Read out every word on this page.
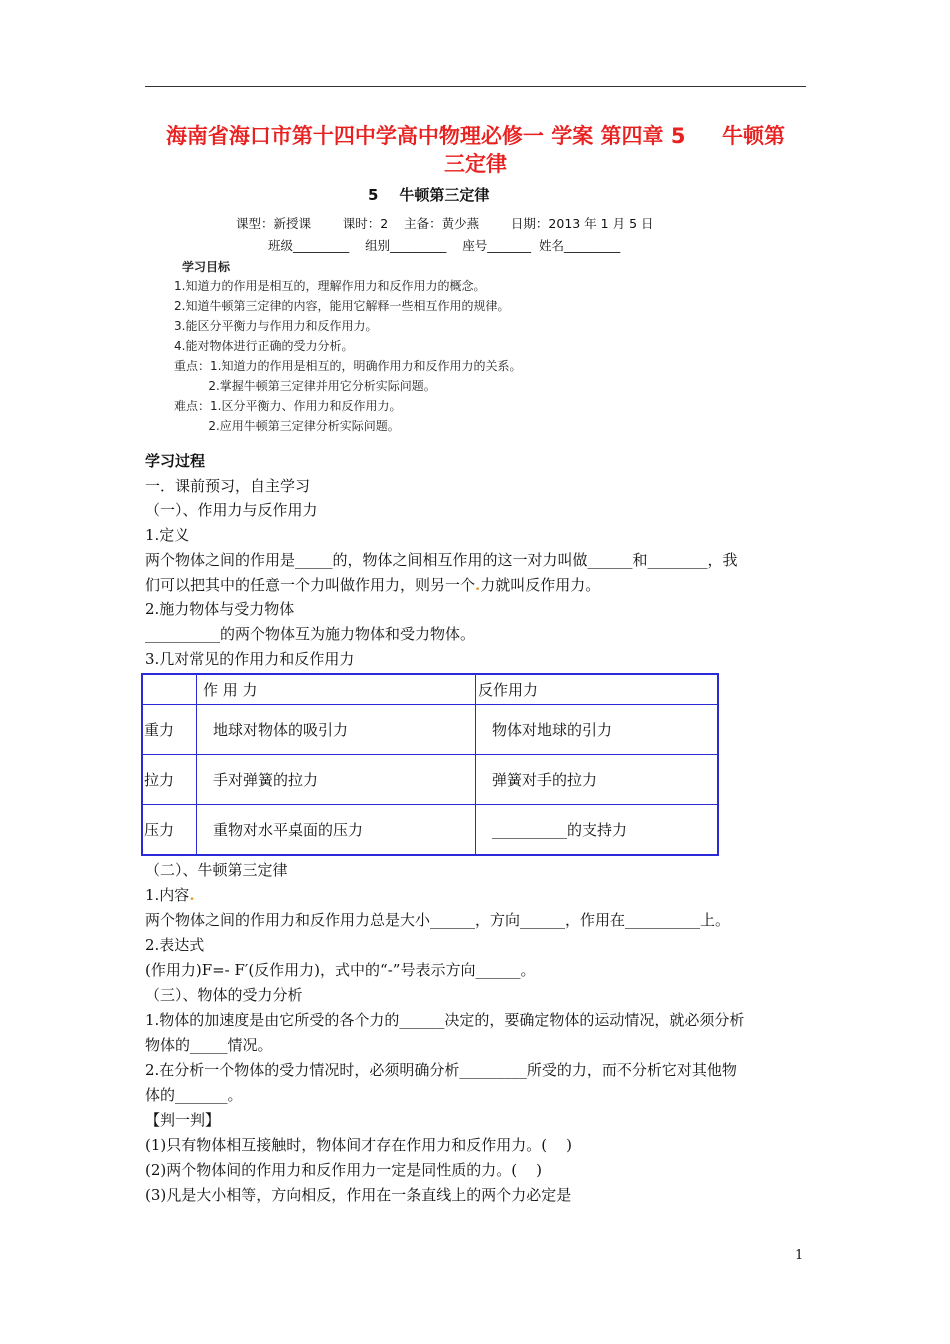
海南省海口市第十四中学高中物理必修一 学案 第四章 5     牛顿第
三定律
5    牛顿第三定律
课型：新授课        课时：2    主备：黄少燕        日期：2013 年 1 月 5 日
班级_________    组别_________    座号_______  姓名_________
学习目标
1.知道力的作用是相互的，理解作用力和反作用力的概念。
2.知道牛顿第三定律的内容，能用它解释一些相互作用的规律。
3.能区分平衡力与作用力和反作用力。
4.能对物体进行正确的受力分析。
重点：1.知道力的作用是相互的，明确作用力和反作用力的关系。
2.掌握牛顿第三定律并用它分析实际问题。
难点：1.区分平衡力、作用力和反作用力。
2.应用牛顿第三定律分析实际问题。
学习过程
一．课前预习，自主学习
（一）、作用力与反作用力
1.定义
两个物体之间的作用是_____的，物体之间相互作用的这一对力叫做______和________，我
们可以把其中的任意一个力叫做作用力，则另一个.力就叫反作用力。
2.施力物体与受力物体
__________的两个物体互为施力物体和受力物体。
3.几对常见的作用力和反作用力
	作 用 力	反作用力
重力	地球对物体的吸引力	物体对地球的引力
拉力	手对弹簧的拉力	弹簧对手的拉力
压力	重物对水平桌面的压力	__________的支持力
（二）、牛顿第三定律
1.内容.
两个物体之间的作用力和反作用力总是大小______，方向______，作用在__________上。
2.表达式
(作用力)F=- F′(反作用力)，式中的“-”号表示方向______。
（三）、物体的受力分析
1.物体的加速度是由它所受的各个力的______决定的，要确定物体的运动情况，就必须分析
物体的_____情况。
2.在分析一个物体的受力情况时，必须明确分析_________所受的力，而不分析它对其他物
体的_______。
【判一判】
(1)只有物体相互接触时，物体间才存在作用力和反作用力。(    )
(2)两个物体间的作用力和反作用力一定是同性质的力。(    )
(3)凡是大小相等，方向相反，作用在一条直线上的两个力必定是
1
